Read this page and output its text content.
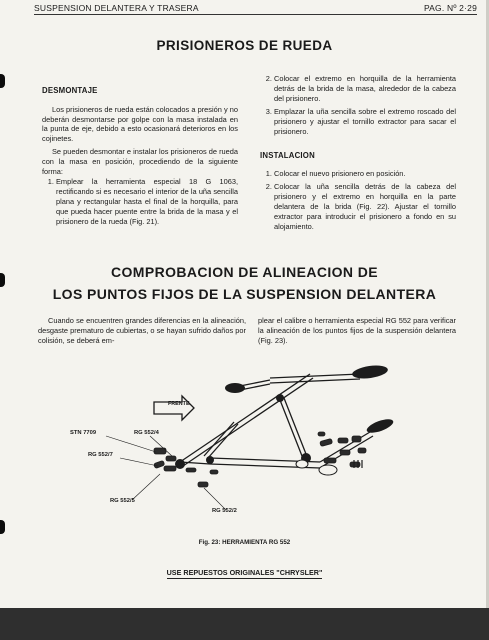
SUSPENSION DELANTERA Y TRASERA	PAG. Nº 2·29
PRISIONEROS DE RUEDA

DESMONTAJE

Los prisioneros de rueda están colocados a presión y no deberán desmontarse por golpe con la masa instalada en la punta de eje, debido a esto ocasionará deterioros en los cojinetes.

Se pueden desmontar e instalar los prisioneros de rueda con la masa en posición, procediendo de la siguiente forma:

1. Emplear la herramienta especial 18 G 1063, rectificando si es necesario el interior de la uña sencilla plana y rectangular hasta el final de la horquilla, para que pueda hacer puente entre la brida de la masa y el prisionero de la rueda (Fig. 21).
2. Colocar el extremo en horquilla de la herramienta detrás de la brida de la masa, alrededor de la cabeza del prisionero.
3. Emplazar la uña sencilla sobre el extremo roscado del prisionero y ajustar el tornillo extractor para sacar el prisionero.

INSTALACION

1. Colocar el nuevo prisionero en posición.
2. Colocar la uña sencilla detrás de la cabeza del prisionero y el extremo en horquilla en la parte delantera de la brida (Fig. 22). Ajustar el tornillo extractor para introducir el prisionero a fondo en su alojamiento.
COMPROBACION DE ALINEACION DE
LOS PUNTOS FIJOS DE LA SUSPENSION DELANTERA
Cuando se encuentren grandes diferencias en la alineación, desgaste prematuro de cubiertas, o se hayan sufrido daños por colisión, se deberá em-
plear el calibre o herramienta especial RG 552 para verificar la alineación de los puntos fijos de la suspensión delantera (Fig. 23).
FRENTE
STN 7709	RG 552/4
RG 552/7
RG 552/5
RG 552/2
Fig. 23: HERRAMIENTA RG 552
USE REPUESTOS ORIGINALES "CHRYSLER"
